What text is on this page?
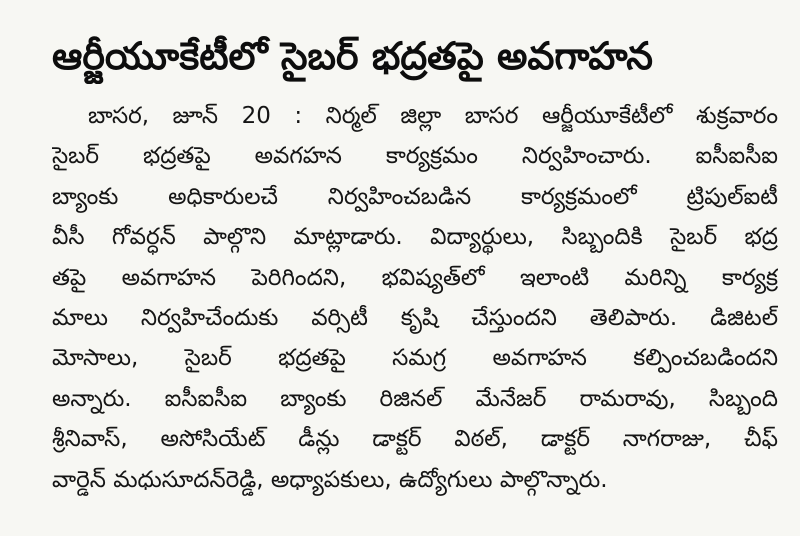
ఆర్జీయూకేటీలో సైబర్ భద్రతపై అవగాహన
బాసర, జూన్ 20 : నిర్మల్ జిల్లా బాసర ఆర్జీయూకేటీలో శుక్రవారం
సైబర్ భద్రతపై అవగహన కార్యక్రమం నిర్వహించారు. ఐసీఐసీఐ
బ్యాంకు అధికారులచే నిర్వహించబడిన కార్యక్రమంలో ట్రిపుల్ఐటీ
వీసీ గోవర్ధన్ పాల్గొని మాట్లాడారు. విద్యార్థులు, సిబ్బందికి సైబర్ భద్ర
తపై అవగాహన పెరిగిందని, భవిష్యత్‌లో ఇలాంటి మరిన్ని కార్యక్ర
మాలు నిర్వహిచేందుకు వర్సిటీ కృషి చేస్తుందని తెలిపారు. డిజిటల్
మోసాలు, సైబర్ భద్రతపై సమగ్ర అవగాహన కల్పించబడిందని
అన్నారు. ఐసీఐసీఐ బ్యాంకు రిజినల్ మేనేజర్ రామరావు, సిబ్బంది
శ్రీనివాస్, అసోసియేట్ డీన్లు డాక్టర్ విఠల్, డాక్టర్ నాగరాజు, చీఫ్
వార్డెన్ మధుసూదన్‌రెడ్డి, అధ్యాపకులు, ఉద్యోగులు పాల్గొన్నారు.
